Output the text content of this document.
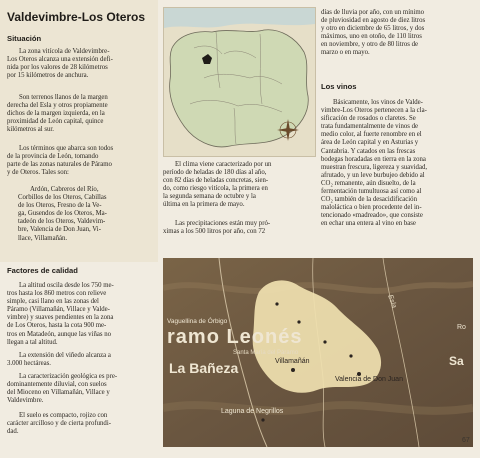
Valdevimbre-Los Oteros
Situación
La zona vitícola de Valdevimbre-
Los Oteros alcanza una extensión defi-
nida por los valores de 28 kilómetros
por 15 kilómetros de anchura.
Son terrenos llanos de la margen
derecha del Esla y otros propiamente
dichos de la margen izquierda, en la
proximidad de León capital, quince
kilómetros al sur.
Los términos que abarca son todos
de la provincia de León, tomando
parte de las zonas naturales de Páramo
y de Oteros. Tales son:
Ardón, Cabreros del Río,
Corbillos de los Oteros, Cabillas
de los Oteros, Fresno de la Ve-
ga, Gusendos de los Oteros, Ma-
tadeón de los Oteros, Valdevim-
bre, Valencia de Don Juan, Vi-
llace, Villamañán.
Factores de calidad
La altitud oscila desde los 750 me-
tros hasta los 860 metros con relieve
simple, casi llano en las zonas del
Páramo (Villamañán, Villace y Valde-
vimbre) y suaves pendientes en la zona
de Los Oteros, hasta la cota 900 me-
tros en Matadeón, aunque las viñas no
llegan a tal altitud.
La extensión del viñedo alcanza a
3.000 hectáreas.
La caracterización geológica es pre-
dominantemente diluvial, con suelos
del Mioceno en Villamañán, Villace y
Valdevimbre.
El suelo es compacto, rojizo con
carácter arcilloso y de cierta profundi-
dad.
El clima viene caracterizado por un
período de heladas de 180 días al año,
con 82 días de heladas concretas, sien-
do, como riesgo vitícola, la primera en
la segunda semana de octubre y la
última en la primera de mayo.
Las precipitaciones están muy pró-
ximas a los 500 litros por año, con 72
días de lluvia por año, con un mínimo
de pluviosidad en agosto de diez litros
y otro en diciembre de 65 litros, y dos
máximos, uno en otoño, de 110 litros
en noviembre, y otro de 80 litros de
marzo o en mayo.
Los vinos
Básicamente, los vinos de Valde-
vimbre-Los Oteros pertenecen a la cla-
sificación de rosados o claretes. Se
trata fundamentalmente de vinos de
medio color, al fuerte renombre en el
área de León capital y en Asturias y
Cantabria. Y catados en las frescas
bodegas horadadas en tierra en la zona
muestran frescura, ligereza y suavidad,
afrutado, y un leve burbujeo debido al
CO₂ remanente, aún disuelto, de la
fermentación tumultuosa así como al
CO₂ también de la desacidificación
maloláctica o bien procedente del in-
tencionado «madreado», que consiste
en echar una entera al vino en base
ramo Leonés
La Bañeza	Villamañán
Valencia de Don Juan
Laguna de Negrillos
Vaguellina de Órbigo
Santa María del Páramo
Sa
Ro
Esla
67
